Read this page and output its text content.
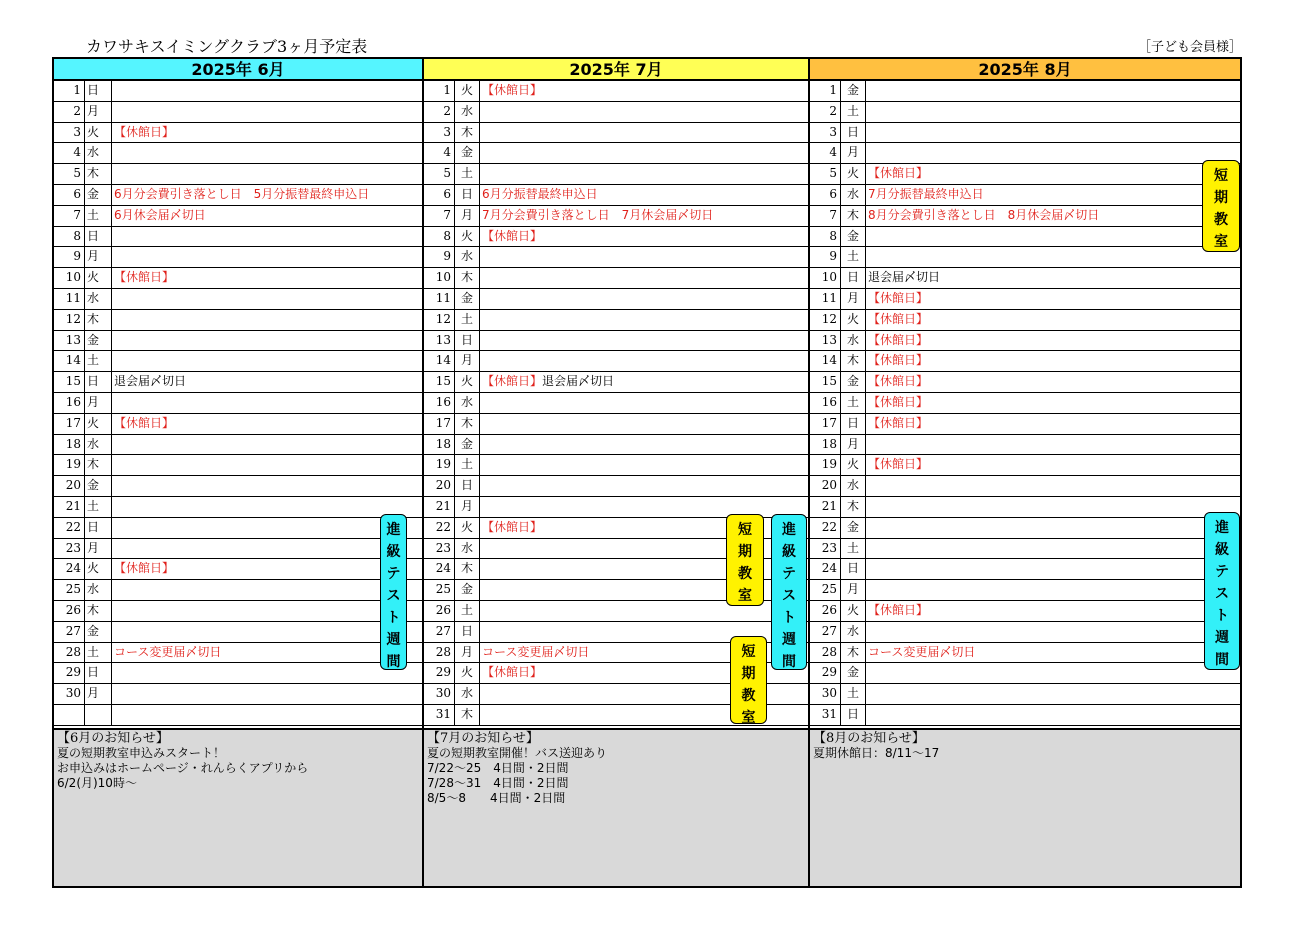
カワサキスイミングクラブ3ヶ月予定表	［子ども会員様］
2025年 6月
1 日
2 月
3 火	【休館日】
4 水
5 木
6 金	6月分会費引き落とし日　5月分振替最終申込日
7 土	6月休会届〆切日
8 日
9 月
10 火	【休館日】
11 水
12 木
13 金
14 土
15 日	退会届〆切日
16 月
17 火	【休館日】
18 水
19 木
20 金
21 土
22 日
23 月
24 火	【休館日】
25 水
26 木
27 金
28 土	コース変更届〆切日
29 日
30 月
【6月のお知らせ】
夏の短期教室申込みスタート！
お申込みはホームページ・れんらくアプリから
6/2(月)10時～
2025年 7月
1 火 【休館日】
2 水
3 木
4 金
5 土
6 日 6月分振替最終申込日
7 月 7月分会費引き落とし日　7月休会届〆切日
8 火 【休館日】
9 水
10 木
11 金
12 土
13 日
14 月
15 火 【休館日】退会届〆切日
16 水
17 木
18 金
19 土
20 日
21 月
22 火 【休館日】
23 水
24 木
25 金
26 土
27 日
28 月 コース変更届〆切日
29 火 【休館日】
30 水
31 木
【7月のお知らせ】
夏の短期教室開催！バス送迎あり
7/22～25　4日間・2日間
7/28～31　4日間・2日間
8/5～8　　4日間・2日間
2025年 8月
1 金
2 土
3 日
4 月
5 火 【休館日】
6 水 7月分振替最終申込日
7 木 8月分会費引き落とし日　8月休会届〆切日
8 金
9 土
10 日 退会届〆切日
11 月 【休館日】
12 火 【休館日】
13 水 【休館日】
14 木 【休館日】
15 金 【休館日】
16 土 【休館日】
17 日 【休館日】
18 月
19 火 【休館日】
20 水
21 木
22 金
23 土
24 日
25 月
26 火 【休館日】
27 水
28 木 コース変更届〆切日
29 金
30 土
31 日
【8月のお知らせ】
夏期休館日：8/11～17
進
級
テ
ス
ト
週
間
短
期
教
室
進
級
テ
ス
ト
週
間
短
期
教
室
短
期
教
室
進
級
テ
ス
ト
週
間
